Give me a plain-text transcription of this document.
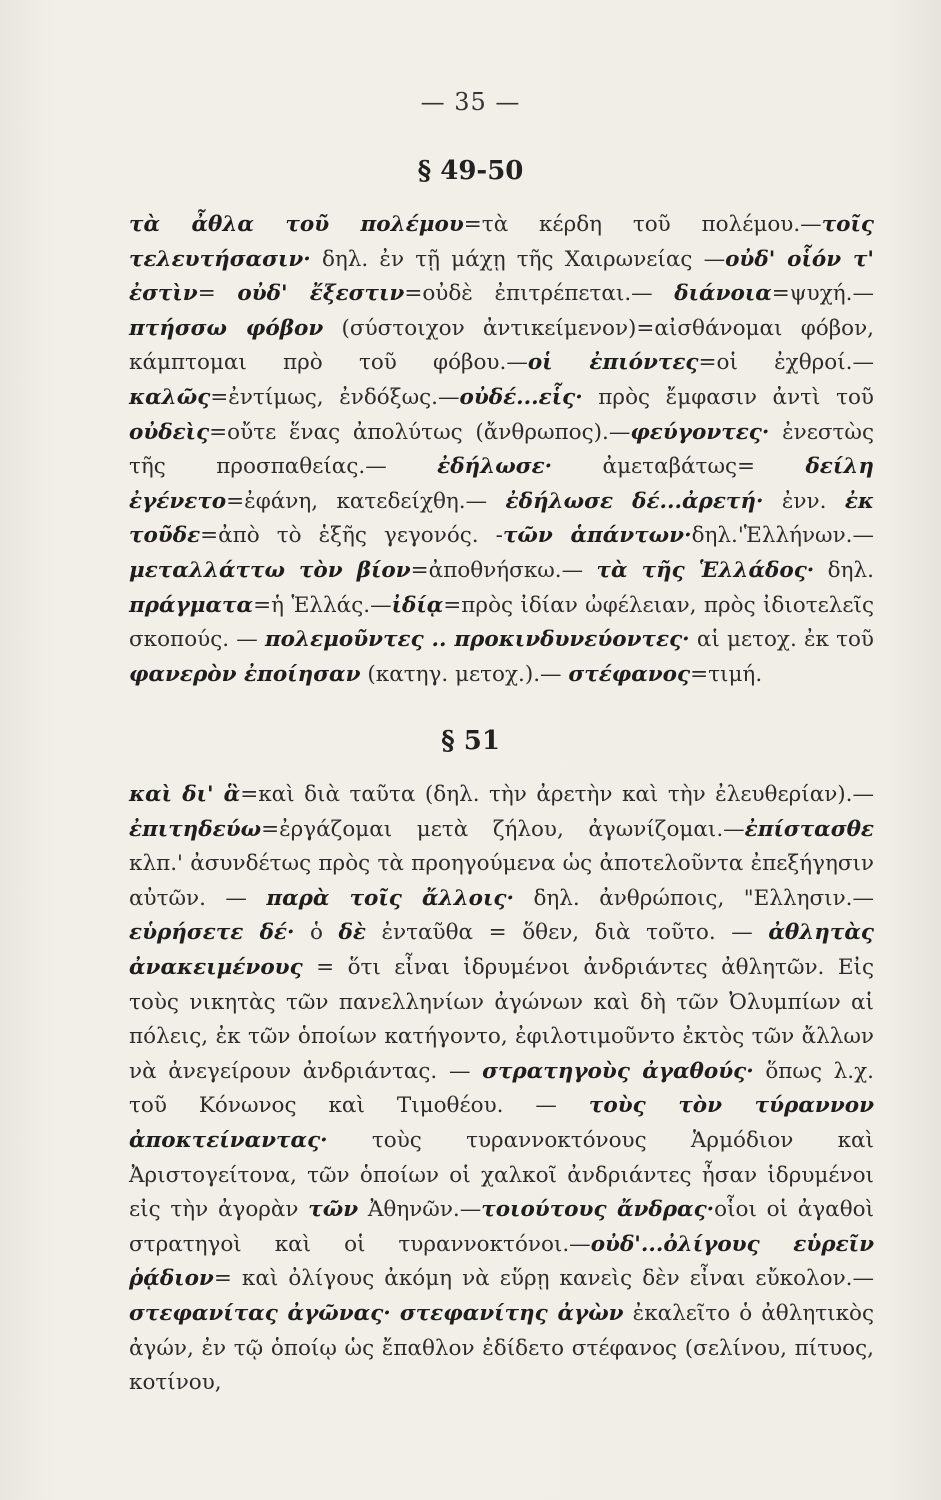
— 35 —
§ 49-50

τὰ ἆθλα τοῦ πολέμου=τὰ κέρδη τοῦ πολέμου.—τοῖς τελευτήσασιν· δηλ. ἐν τῇ μάχῃ τῆς Χαιρωνείας —οὐδ' οἷόν τ' ἐστὶν= οὐδ' ἔξεστιν=οὐδὲ ἐπιτρέπεται.— διάνοια=ψυχή.— πτήσσω φόβον (σύστοιχον ἀντικείμενον)=αἰσθάνομαι φόβον, κάμπτομαι πρὸ τοῦ φόβου.—οἱ ἐπιόντες=οἱ ἐχθροί.—καλῶς=ἐντίμως, ἐνδόξως.—οὐδέ...εἷς· πρὸς ἔμφασιν ἀντὶ τοῦ οὐδεὶς=οὔτε ἕνας ἀπολύτως (ἄνθρωπος).—φεύγοντες· ἐνεστὼς τῆς προσπαθείας.— ἐδήλωσε· ἀμεταβάτως= δείλη ἐγένετο=ἐφάνη, κατεδείχθη.— ἐδήλωσε δέ...ἀρετή· ἐνν. ἐκ τοῦδε=ἀπὸ τὸ ἑξῆς γεγονός. -τῶν ἁπάντων·δηλ.'Ἑλλήνων.—μεταλλάττω τὸν βίον=ἀποθνήσκω.— τὰ τῆς Ἑλλάδος· δηλ. πράγματα=ἡ Ἑλλάς.—ἰδίᾳ=πρὸς ἰδίαν ὠφέλειαν, πρὸς ἰδιοτελεῖς σκοπούς. — πολεμοῦντες .. προκινδυνεύοντες· αἱ μετοχ. ἐκ τοῦ φανερὸν ἐποίησαν (κατηγ. μετοχ.).— στέφανος=τιμή.

§ 51

καὶ δι' ἃ=καὶ διὰ ταῦτα (δηλ. τὴν ἀρετὴν καὶ τὴν ἐλευθερίαν).—ἐπιτηδεύω=ἐργάζομαι μετὰ ζήλου, ἀγωνίζομαι.—ἐπίστασθε κλπ.' ἀσυνδέτως πρὸς τὰ προηγούμενα ὡς ἀποτελοῦντα ἐπεξήγησιν αὐτῶν. — παρὰ τοῖς ἄλλοις· δηλ. ἀνθρώποις, "Ελλησιν.— εὑρήσετε δέ· ὁ δὲ ἐνταῦθα = ὅθεν, διὰ τοῦτο. — ἀθλητὰς ἀνακειμένους = ὅτι εἶναι ἱδρυμένοι ἀνδριάντες ἀθλητῶν. Εἰς τοὺς νικητὰς τῶν πανελληνίων ἀγώνων καὶ δὴ τῶν Ὀλυμπίων αἱ πόλεις, ἐκ τῶν ὁποίων κατήγοντο, ἐφιλοτιμοῦντο ἐκτὸς τῶν ἄλλων νὰ ἀνεγείρουν ἀνδριάντας. — στρατηγοὺς ἀγαθούς· ὅπως λ.χ. τοῦ Κόνωνος καὶ Τιμοθέου. — τοὺς τὸν τύραννον ἀποκτείναντας· τοὺς τυραννοκτόνους Ἁρμόδιον καὶ Ἀριστογείτονα, τῶν ὁποίων οἱ χαλκοῖ ἀνδριάντες ἦσαν ἱδρυμένοι εἰς τὴν ἀγορὰν τῶν Ἀθηνῶν.—τοιούτους ἄνδρας·οἷοι οἱ ἀγαθοὶ στρατηγοὶ καὶ οἱ τυραννοκτόνοι.—οὐδ'...ὀλίγους εὑρεῖν ῥᾴδιον= καὶ ὀλίγους ἀκόμη νὰ εὕρῃ κανεὶς δὲν εἶναι εὔκολον.—στεφανίτας ἀγῶνας· στεφανίτης ἀγὼν ἐκαλεῖτο ὁ ἀθλητικὸς ἀγών, ἐν τῷ ὁποίῳ ὡς ἔπαθλον ἐδίδετο στέφανος (σελίνου, πίτυος, κοτίνου,
